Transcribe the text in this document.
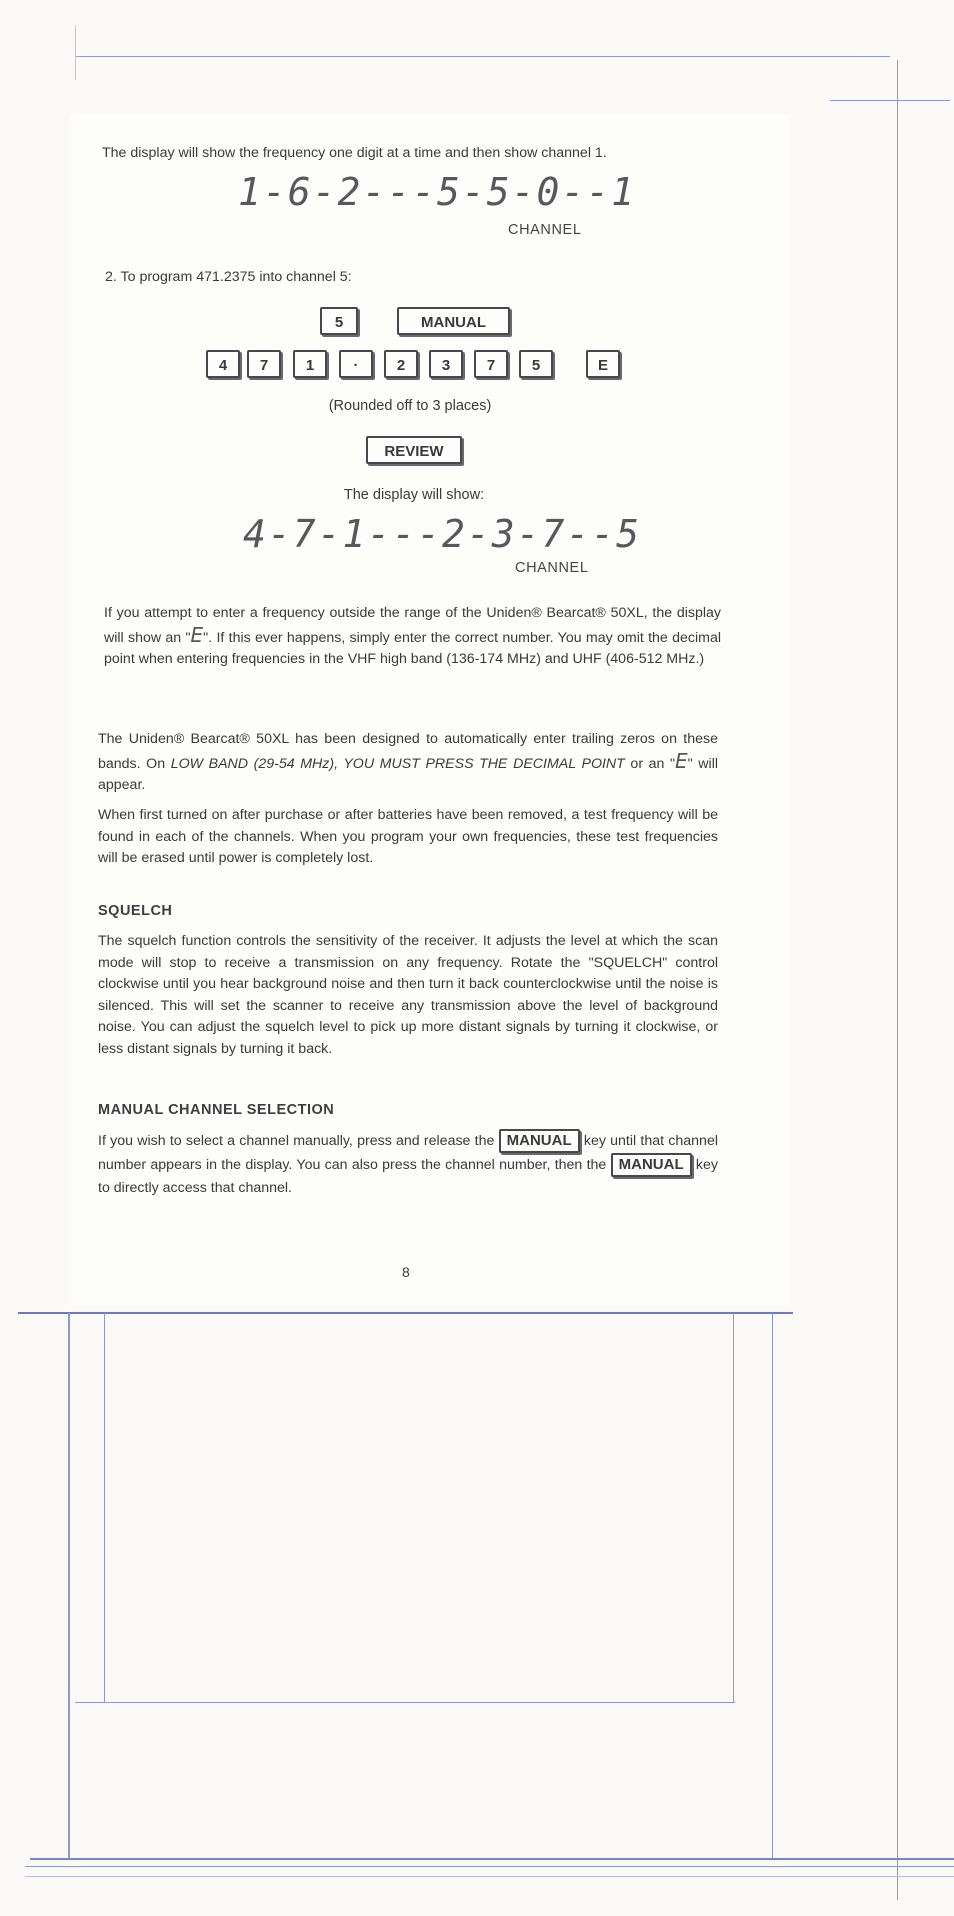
The display will show the frequency one digit at a time and then show channel 1.
1-6-2---5-5-0--1
CHANNEL
2. To program 471.2375 into channel 5:
5	MANUAL
4	7	1	·	2	3	7	5	E
(Rounded off to 3 places)
REVIEW
The display will show:
4-7-1---2-3-7--5
CHANNEL
If you attempt to enter a frequency outside the range of the Uniden® Bearcat® 50XL, the display will show an "E". If this ever happens, simply enter the correct number. You may omit the decimal point when entering frequencies in the VHF high band (136-174 MHz) and UHF (406-512 MHz.)
The Uniden® Bearcat® 50XL has been designed to automatically enter trailing zeros on these bands. On LOW BAND (29-54 MHz), YOU MUST PRESS THE DECIMAL POINT or an "E" will appear.
When first turned on after purchase or after batteries have been removed, a test frequency will be found in each of the channels. When you program your own frequencies, these test frequencies will be erased until power is completely lost.
SQUELCH
The squelch function controls the sensitivity of the receiver. It adjusts the level at which the scan mode will stop to receive a transmission on any frequency. Rotate the "SQUELCH" control clockwise until you hear background noise and then turn it back counterclockwise until the noise is silenced. This will set the scanner to receive any transmission above the level of background noise. You can adjust the squelch level to pick up more distant signals by turning it clockwise, or less distant signals by turning it back.
MANUAL CHANNEL SELECTION
If you wish to select a channel manually, press and release the MANUAL key until that channel number appears in the display. You can also press the channel number, then the MANUAL key to directly access that channel.
8
